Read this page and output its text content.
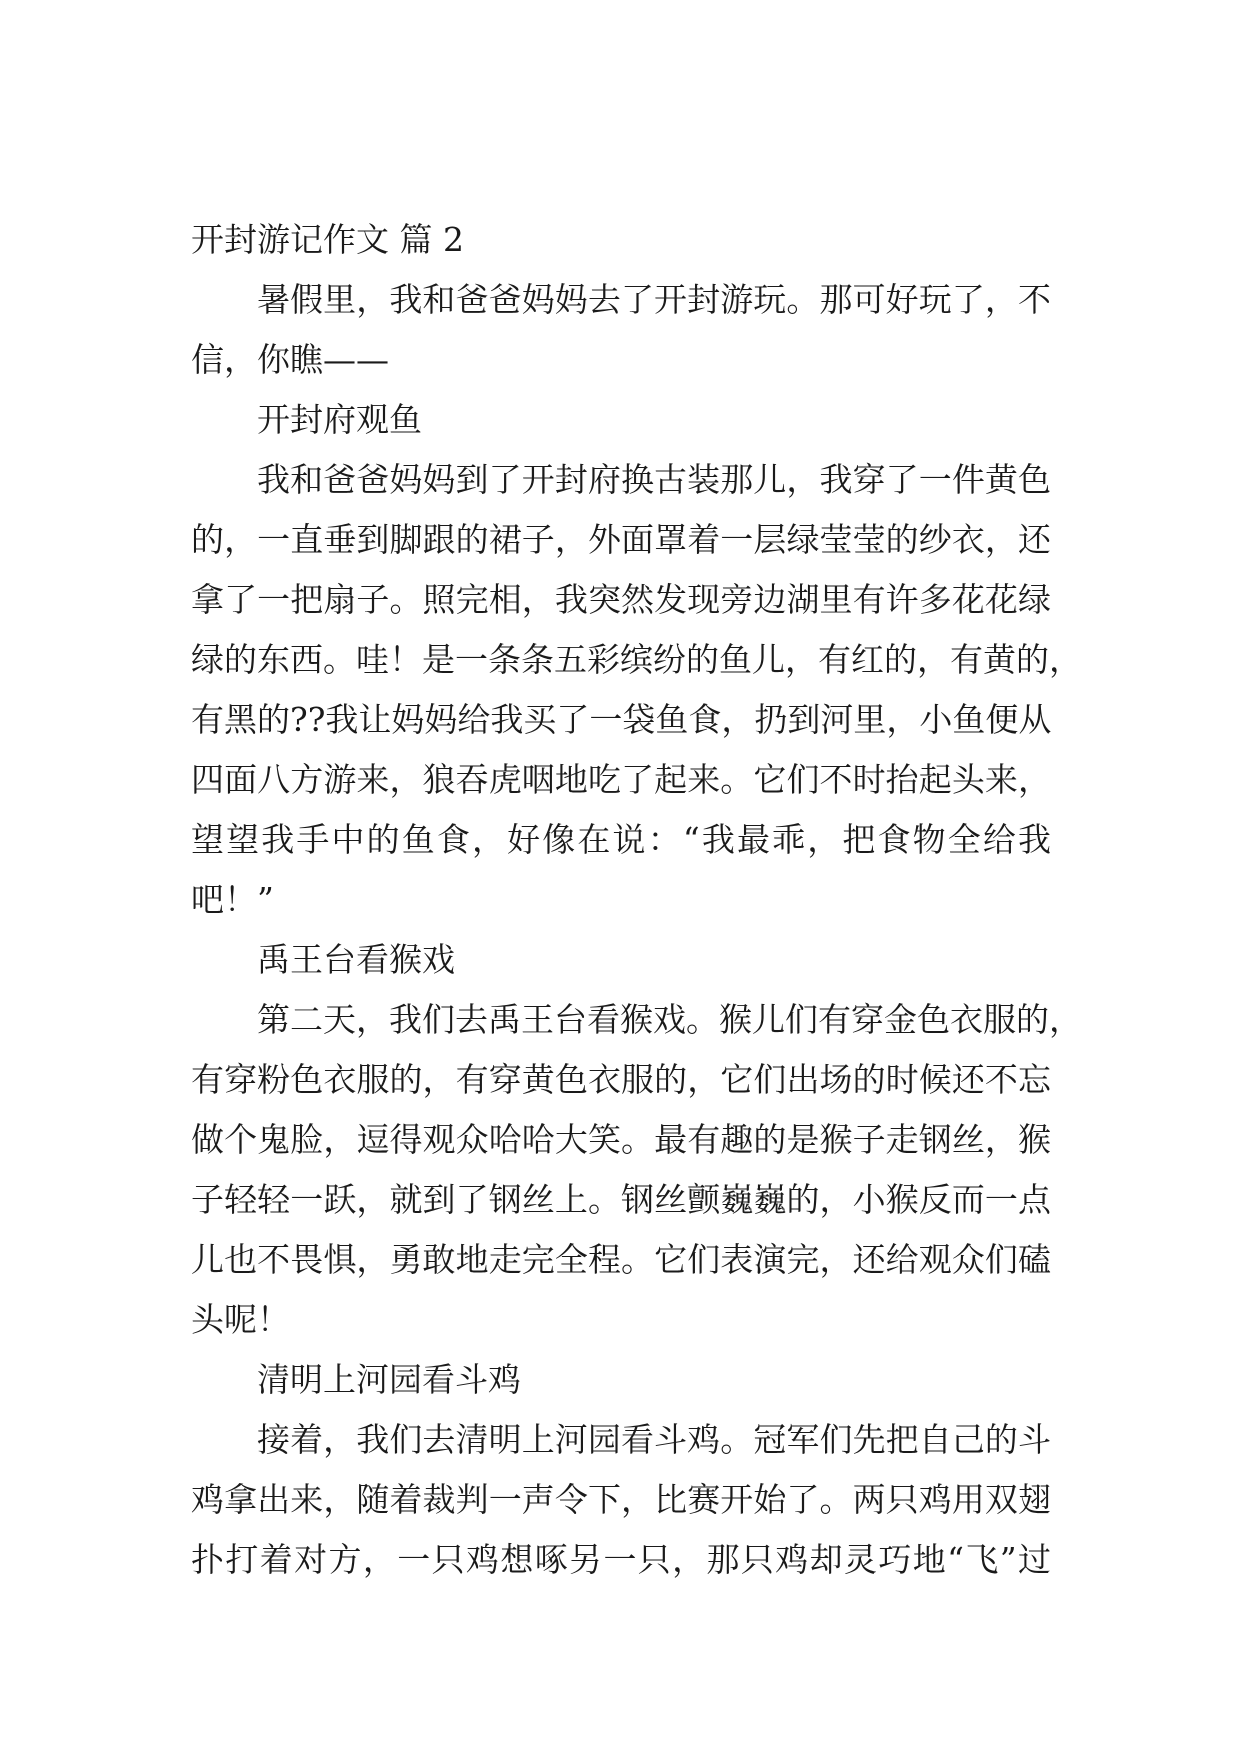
开封游记作文 篇 2
暑假里，我和爸爸妈妈去了开封游玩。那可好玩了，不
信，你瞧——
开封府观鱼
我和爸爸妈妈到了开封府换古装那儿，我穿了一件黄色
的，一直垂到脚跟的裙子，外面罩着一层绿莹莹的纱衣，还
拿了一把扇子。照完相，我突然发现旁边湖里有许多花花绿
绿的东西。哇！是一条条五彩缤纷的鱼儿，有红的，有黄的，
有黑的??我让妈妈给我买了一袋鱼食，扔到河里，小鱼便从
四面八方游来，狼吞虎咽地吃了起来。它们不时抬起头来，
望望我手中的鱼食，好像在说：“我最乖，把食物全给我
吧！”
禹王台看猴戏
第二天，我们去禹王台看猴戏。猴儿们有穿金色衣服的，
有穿粉色衣服的，有穿黄色衣服的，它们出场的时候还不忘
做个鬼脸，逗得观众哈哈大笑。最有趣的是猴子走钢丝，猴
子轻轻一跃，就到了钢丝上。钢丝颤巍巍的，小猴反而一点
儿也不畏惧，勇敢地走完全程。它们表演完，还给观众们磕
头呢！
清明上河园看斗鸡
接着，我们去清明上河园看斗鸡。冠军们先把自己的斗
鸡拿出来，随着裁判一声令下，比赛开始了。两只鸡用双翅
扑打着对方，一只鸡想啄另一只，那只鸡却灵巧地“飞”过
